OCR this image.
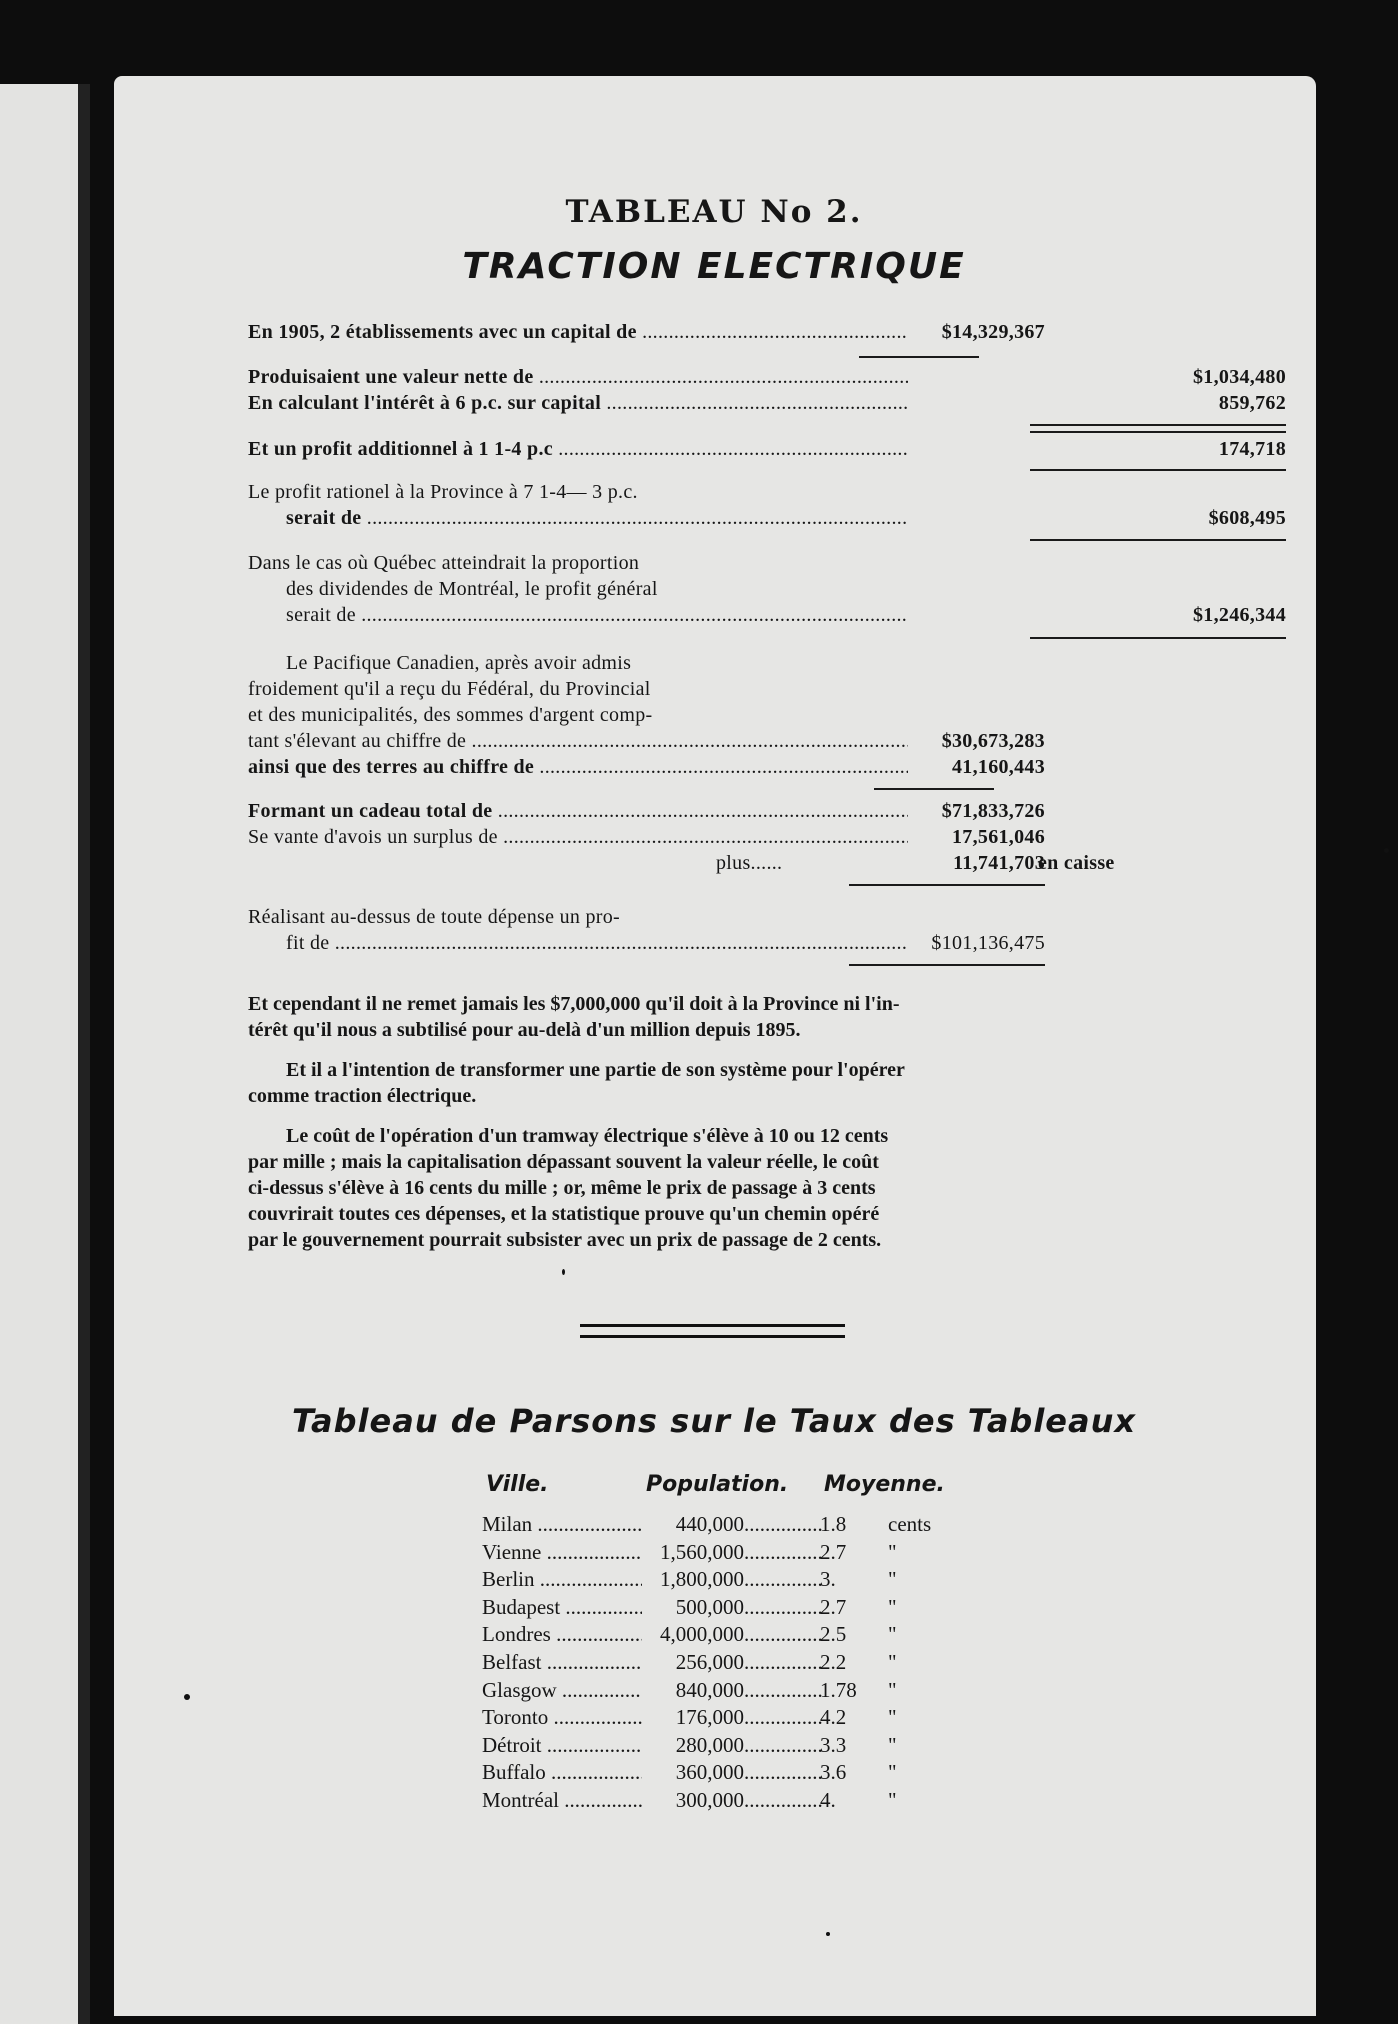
TABLEAU No 2.
TRACTION ELECTRIQUE
En 1905, 2 établissements avec un capital de .....	$14,329,367
Produisaient une valeur nette de .....	$1,034,480
En calculant l'intérêt à 6 p.c. sur capital .....	859,762
Et un profit additionnel à 1 1-4 p.c .....	174,718
Le profit rationel à la Province à 7 1-4— 3 p.c.
serait de .....	$608,495
Dans le cas où Québec atteindrait la proportion
des dividendes de Montréal, le profit général
serait de .....	$1,246,344
Le Pacifique Canadien, après avoir admis
froidement qu'il a reçu du Fédéral, du Provincial
et des municipalités, des sommes d'argent comp-
tant s'élevant au chiffre de .....	$30,673,283
ainsi que des terres au chiffre de .....	41,160,443
Formant un cadeau total de .....	$71,833,726
Se vante d'avois un surplus de .....	17,561,046
plus......	11,741,703
en caisse
Réalisant au-dessus de toute dépense un pro-
fit de .....	$101,136,475
Et cependant il ne remet jamais les $7,000,000 qu'il doit à la Province ni l'in-
térêt qu'il nous a subtilisé pour au-delà d'un million depuis 1895.
Et il a l'intention de transformer une partie de son système pour l'opérer
comme traction électrique.
Le coût de l'opération d'un tramway électrique s'élève à 10 ou 12 cents
par mille ; mais la capitalisation dépassant souvent la valeur réelle, le coût
ci-dessus s'élève à 16 cents du mille ; or, même le prix de passage à 3 cents
couvrirait toutes ces dépenses, et la statistique prouve qu'un chemin opéré
par le gouvernement pourrait subsister avec un prix de passage de 2 cents.
Tableau de Parsons sur le Taux des Tableaux
Ville.	Population. Moyenne.
Milan .....	440,000 .....	1.8 cents
Vienne .....	1,560,000 .....	2.7 "
Berlin .....	1,800,000 .....	3. "
Budapest .....	500,000 .....	2.7 "
Londres .....	4,000,000 .....	2.5 "
Belfast .....	256,000 .....	2.2 "
Glasgow .....	840,000 .....	1.78 "
Toronto .....	176,000 .....	4.2 "
Détroit .....	280,000 .....	3.3 "
Buffalo .....	360,000 .....	3.6 "
Montréal .....	300,000 .....	4. "
